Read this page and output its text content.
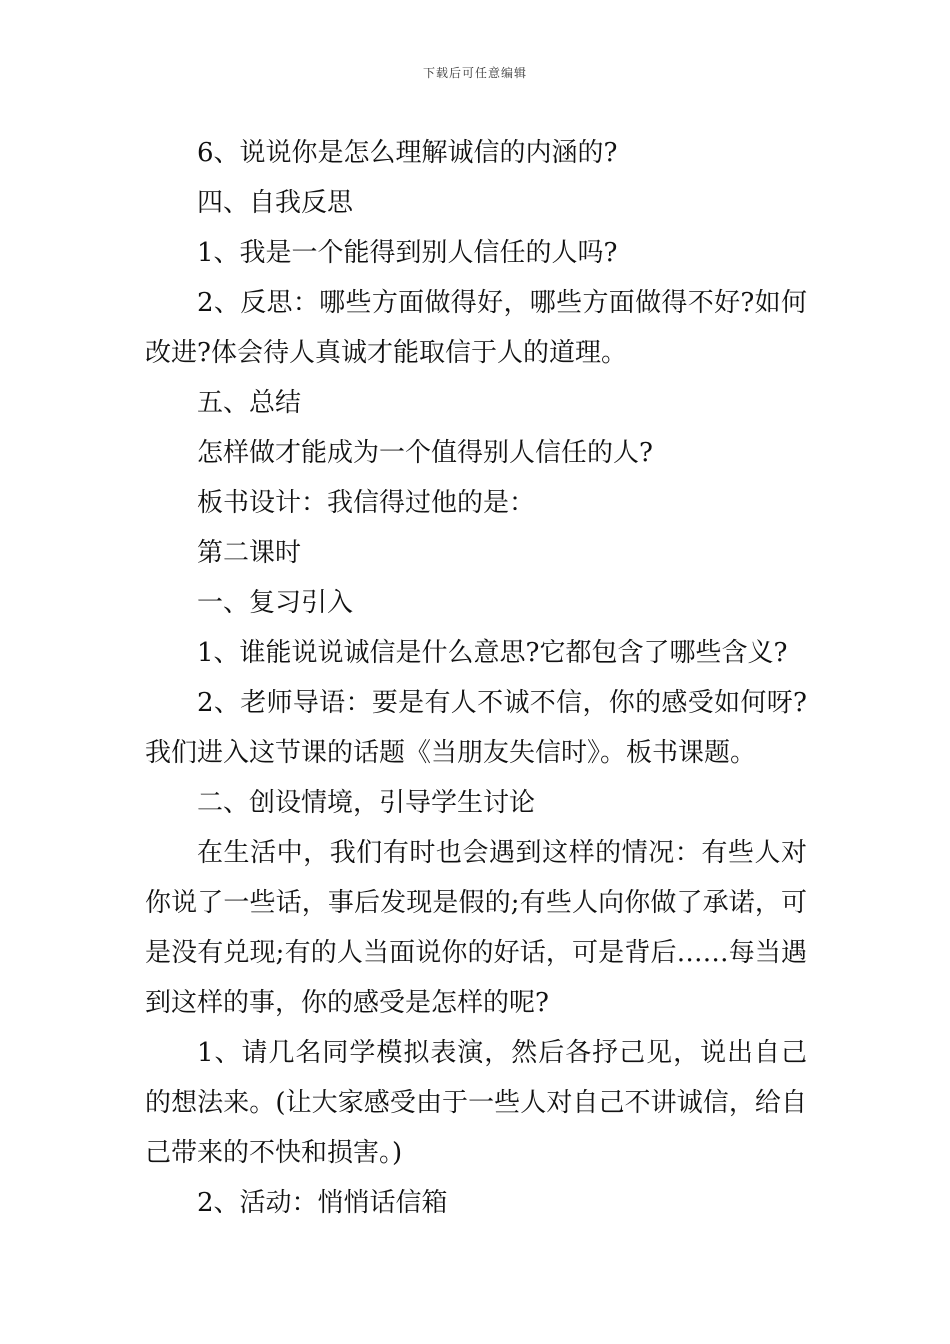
下载后可任意编辑

6、说说你是怎么理解诚信的内涵的?

四、自我反思

1、我是一个能得到别人信任的人吗?

2、反思：哪些方面做得好，哪些方面做得不好?如何改进?体会待人真诚才能取信于人的道理。

五、总结

怎样做才能成为一个值得别人信任的人?

板书设计：我信得过他的是：

第二课时

一、复习引入

1、谁能说说诚信是什么意思?它都包含了哪些含义?

2、老师导语：要是有人不诚不信，你的感受如何呀?我们进入这节课的话题《当朋友失信时》。板书课题。

二、创设情境，引导学生讨论

在生活中，我们有时也会遇到这样的情况：有些人对你说了一些话，事后发现是假的;有些人向你做了承诺，可是没有兑现;有的人当面说你的好话，可是背后……每当遇到这样的事，你的感受是怎样的呢?

1、请几名同学模拟表演，然后各抒己见，说出自己的想法来。(让大家感受由于一些人对自己不讲诚信，给自己带来的不快和损害。)

2、活动：悄悄话信箱
